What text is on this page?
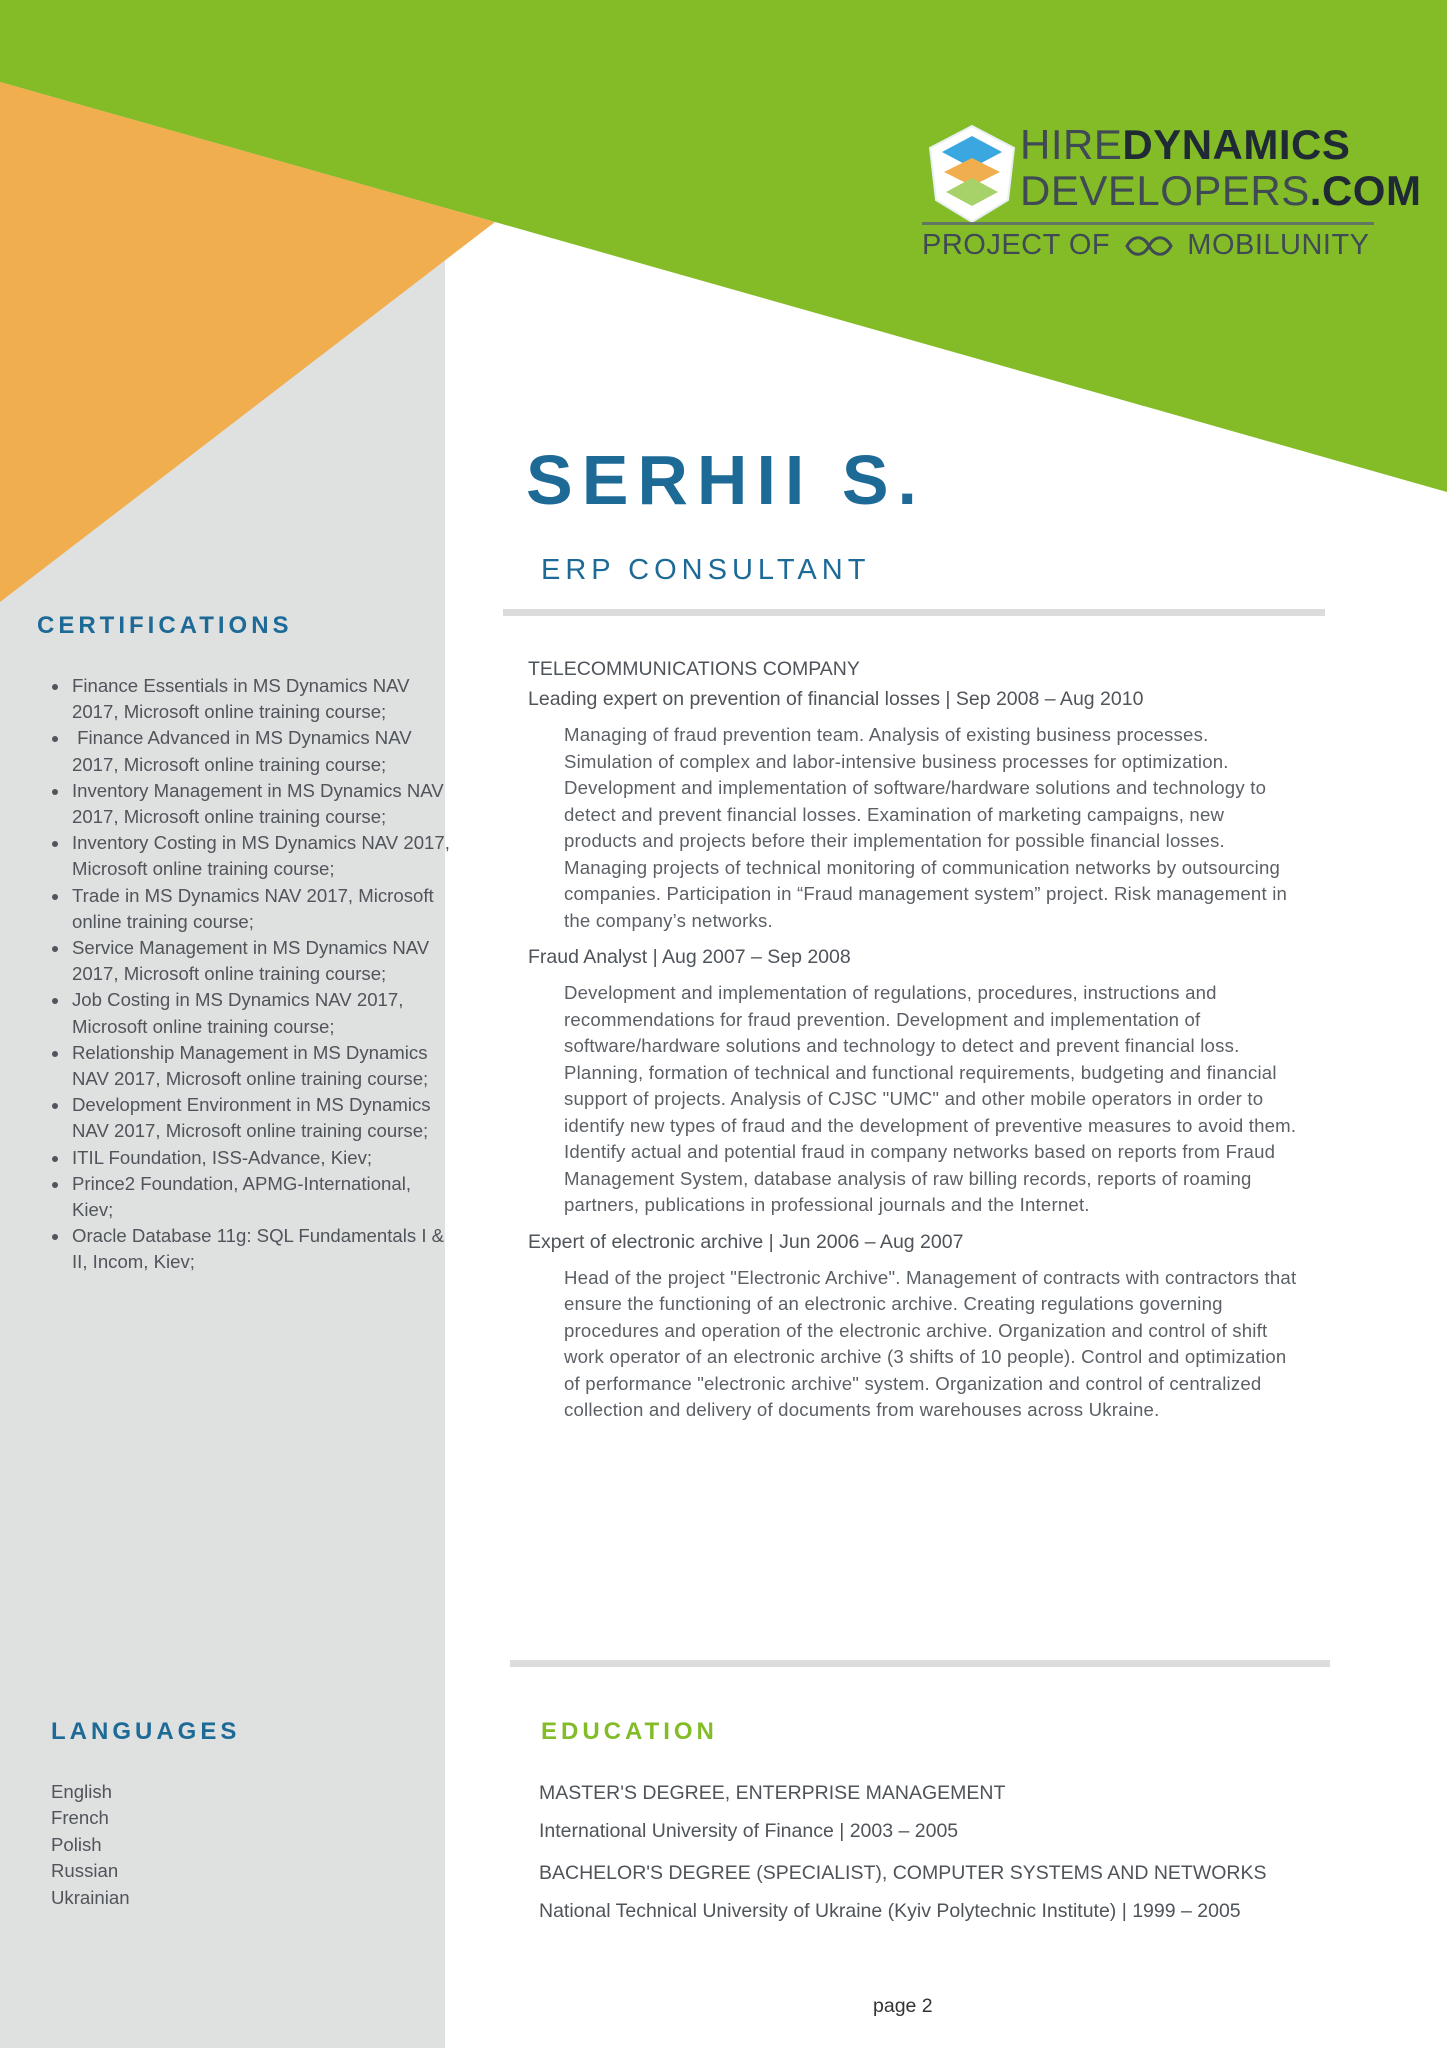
HIREDYNAMICS
DEVELOPERS.COM
PROJECT OF	MOBILUNITY
SERHII S.
ERP CONSULTANT
TELECOMMUNICATIONS COMPANY
Leading expert on prevention of financial losses | Sep 2008 – Aug 2010
Managing of fraud prevention team. Analysis of existing business processes. Simulation of complex and labor-intensive business processes for optimization. Development and implementation of software/hardware solutions and technology to detect and prevent financial losses. Examination of marketing campaigns, new products and projects before their implementation for possible financial losses. Managing projects of technical monitoring of communication networks by outsourcing companies. Participation in “Fraud management system” project. Risk management in the company’s networks.
Fraud Analyst | Aug 2007 – Sep 2008
Development and implementation of regulations, procedures, instructions and recommendations for fraud prevention. Development and implementation of software/hardware solutions and technology to detect and prevent financial loss. Planning, formation of technical and functional requirements, budgeting and financial support of projects. Analysis of CJSC "UMC" and other mobile operators in order to identify new types of fraud and the development of preventive measures to avoid them. Identify actual and potential fraud in company networks based on reports from Fraud Management System, database analysis of raw billing records, reports of roaming partners, publications in professional journals and the Internet.
Expert of electronic archive | Jun 2006 – Aug 2007
Head of the project "Electronic Archive". Management of contracts with contractors that ensure the functioning of an electronic archive. Creating regulations governing procedures and operation of the electronic archive. Organization and control of shift work operator of an electronic archive (3 shifts of 10 people). Control and optimization of performance "electronic archive" system. Organization and control of centralized collection and delivery of documents from warehouses across Ukraine.
CERTIFICATIONS
• Finance Essentials in MS Dynamics NAV 2017, Microsoft online training course;
•  Finance Advanced in MS Dynamics NAV 2017, Microsoft online training course;
• Inventory Management in MS Dynamics NAV 2017, Microsoft online training course;
• Inventory Costing in MS Dynamics NAV 2017, Microsoft online training course;
• Trade in MS Dynamics NAV 2017, Microsoft online training course;
• Service Management in MS Dynamics NAV 2017, Microsoft online training course;
• Job Costing in MS Dynamics NAV 2017, Microsoft online training course;
• Relationship Management in MS Dynamics NAV 2017, Microsoft online training course;
• Development Environment in MS Dynamics NAV 2017, Microsoft online training course;
• ITIL Foundation, ISS-Advance, Kiev;
• Prince2 Foundation, APMG-International, Kiev;
• Oracle Database 11g: SQL Fundamentals I & II, Incom, Kiev;
LANGUAGES
English
French
Polish
Russian
Ukrainian
EDUCATION
MASTER'S DEGREE, ENTERPRISE MANAGEMENT
International University of Finance | 2003 – 2005
BACHELOR'S DEGREE (SPECIALIST), COMPUTER SYSTEMS AND NETWORKS
National Technical University of Ukraine (Kyiv Polytechnic Institute) | 1999 – 2005
page 2
